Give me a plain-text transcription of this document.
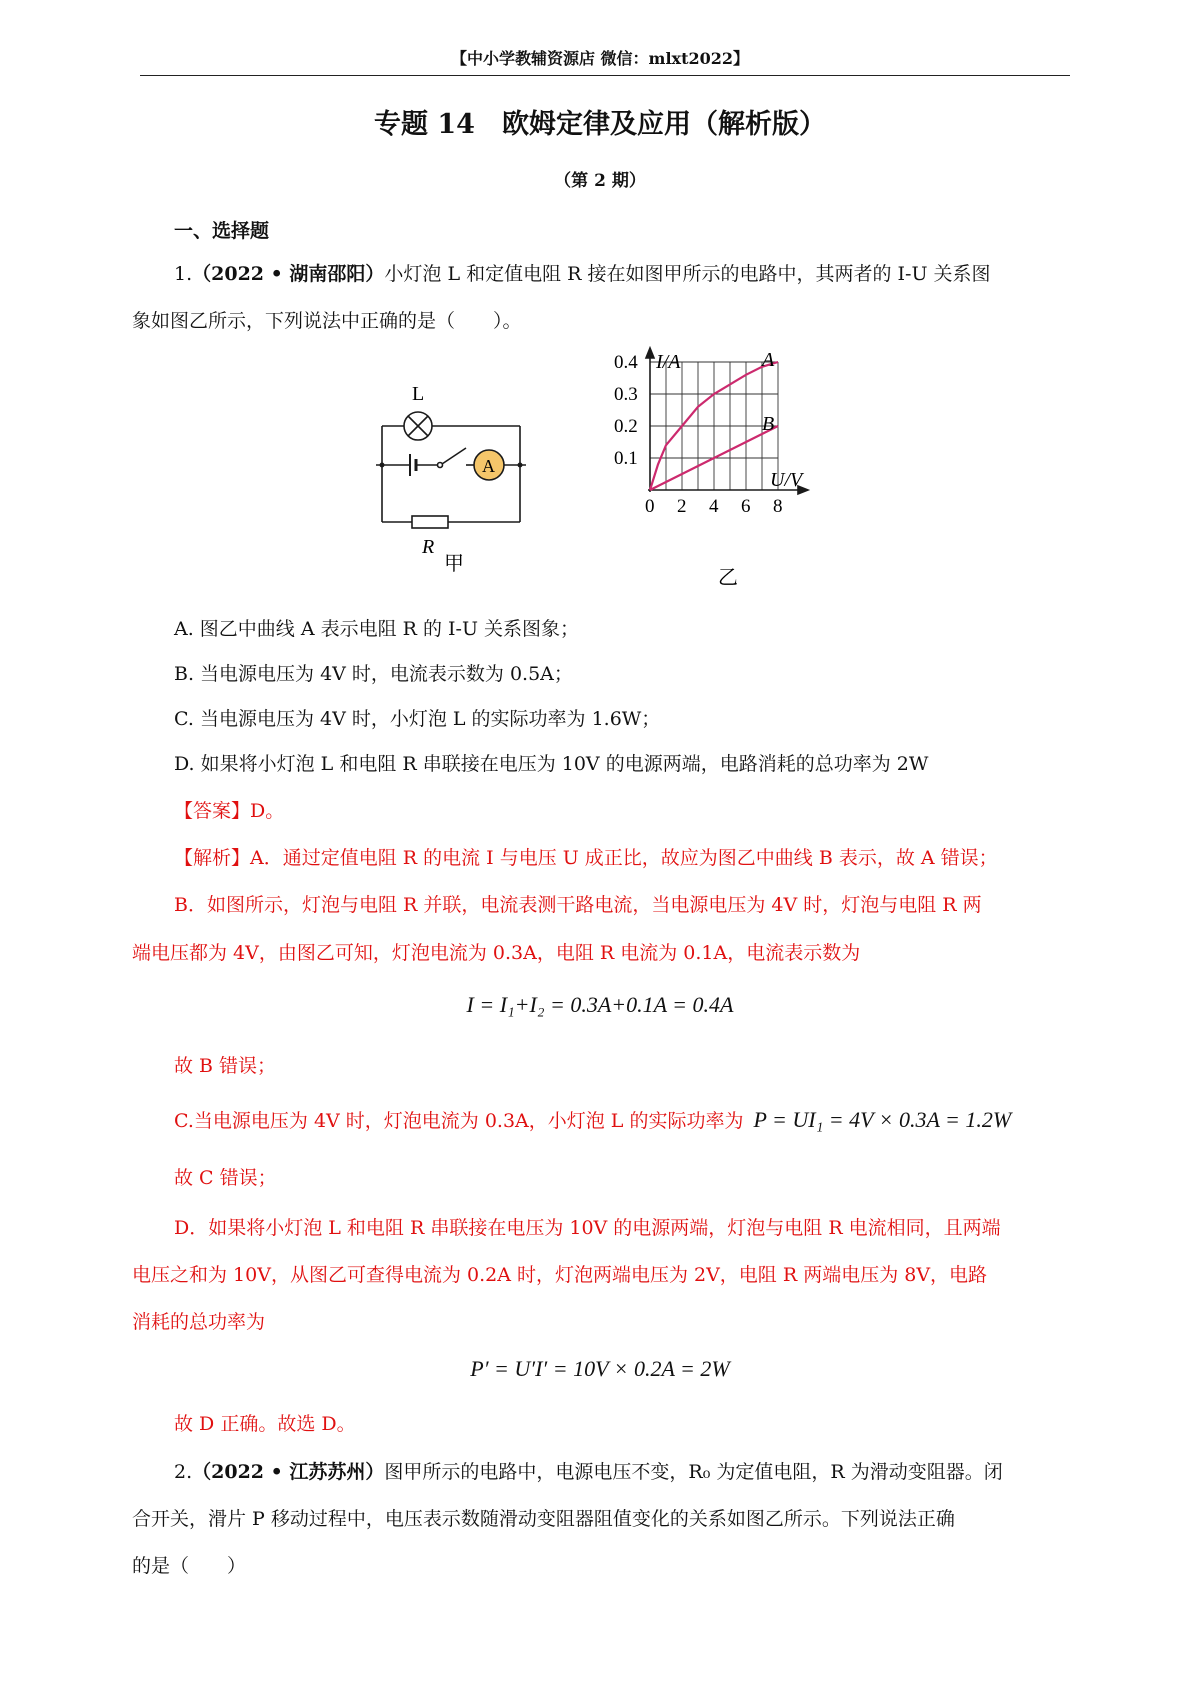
【中小学教辅资源店 微信：mlxt2022】
专题 14　欧姆定律及应用（解析版）
（第 2 期）
一、选择题
1.（2022 • 湖南邵阳）小灯泡 L 和定值电阻 R 接在如图甲所示的电路中，其两者的 I-U 关系图
象如图乙所示，下列说法中正确的是（　　）。
L
A
R
甲
I/A
U/V
0.4
0.3
0.2
0.1
0 2 4 6 8
A
B
乙
A. 图乙中曲线 A 表示电阻 R 的 I-U 关系图象；
B. 当电源电压为 4V 时，电流表示数为 0.5A；
C. 当电源电压为 4V 时，小灯泡 L 的实际功率为 1.6W；
D. 如果将小灯泡 L 和电阻 R 串联接在电压为 10V 的电源两端，电路消耗的总功率为 2W
【答案】D。
【解析】A．通过定值电阻 R 的电流 I 与电压 U 成正比，故应为图乙中曲线 B 表示，故 A 错误；
B．如图所示，灯泡与电阻 R 并联，电流表测干路电流，当电源电压为 4V 时，灯泡与电阻 R 两
端电压都为 4V，由图乙可知，灯泡电流为 0.3A，电阻 R 电流为 0.1A，电流表示数为
I = I₁+I₂ = 0.3A+0.1A = 0.4A
故 B 错误；
C.当电源电压为 4V 时，灯泡电流为 0.3A，小灯泡 L 的实际功率为 P = UI₁ = 4V × 0.3A = 1.2W
故 C 错误；
D．如果将小灯泡 L 和电阻 R 串联接在电压为 10V 的电源两端，灯泡与电阻 R 电流相同，且两端
电压之和为 10V，从图乙可查得电流为 0.2A 时，灯泡两端电压为 2V，电阻 R 两端电压为 8V，电路
消耗的总功率为
P′ = U′I′ = 10V × 0.2A = 2W
故 D 正确。故选 D。
2.（2022 • 江苏苏州）图甲所示的电路中，电源电压不变，R₀ 为定值电阻，R 为滑动变阻器。闭
合开关，滑片 P 移动过程中，电压表示数随滑动变阻器阻值变化的关系如图乙所示。下列说法正确
的是（　　）
